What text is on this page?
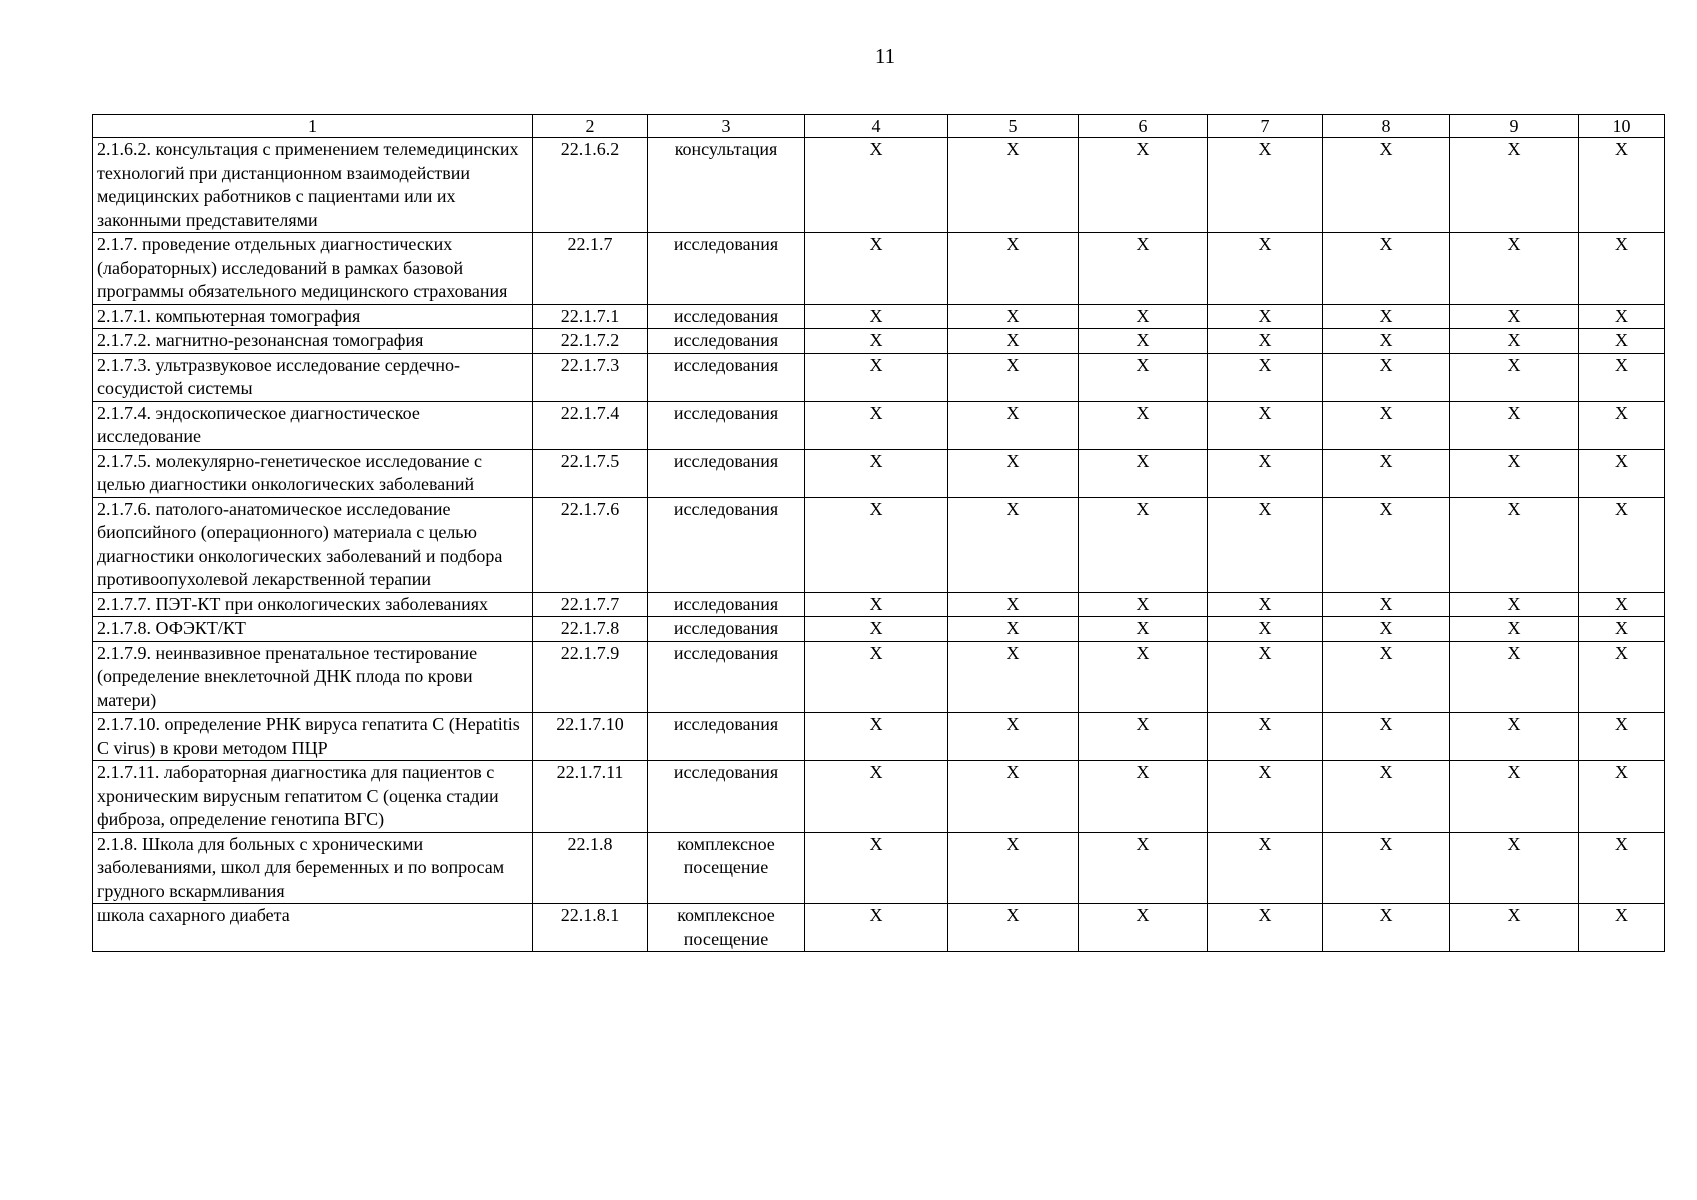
11
1	2	3	4	5	6	7	8	9	10
2.1.6.2. консультация с применением телемедицинских технологий при дистанционном взаимодействии медицинских работников с пациентами или их законными представителями	22.1.6.2	консультация	X	X	X	X	X	X	X
2.1.7. проведение отдельных диагностических (лабораторных) исследований в рамках базовой программы обязательного медицинского страхования	22.1.7	исследования	X	X	X	X	X	X	X
2.1.7.1. компьютерная томография	22.1.7.1	исследования	X	X	X	X	X	X	X
2.1.7.2. магнитно-резонансная томография	22.1.7.2	исследования	X	X	X	X	X	X	X
2.1.7.3. ультразвуковое исследование сердечно-сосудистой системы	22.1.7.3	исследования	X	X	X	X	X	X	X
2.1.7.4. эндоскопическое диагностическое исследование	22.1.7.4	исследования	X	X	X	X	X	X	X
2.1.7.5. молекулярно-генетическое исследование с целью диагностики онкологических заболеваний	22.1.7.5	исследования	X	X	X	X	X	X	X
2.1.7.6. патолого-анатомическое исследование биопсийного (операционного) материала с целью диагностики онкологических заболеваний и подбора противоопухолевой лекарственной терапии	22.1.7.6	исследования	X	X	X	X	X	X	X
2.1.7.7. ПЭТ-КТ при онкологических заболеваниях	22.1.7.7	исследования	X	X	X	X	X	X	X
2.1.7.8. ОФЭКТ/КТ	22.1.7.8	исследования	X	X	X	X	X	X	X
2.1.7.9. неинвазивное пренатальное тестирование (определение внеклеточной ДНК плода по крови матери)	22.1.7.9	исследования	X	X	X	X	X	X	X
2.1.7.10. определение РНК вируса гепатита С (Hepatitis C virus) в крови методом ПЦР	22.1.7.10	исследования	X	X	X	X	X	X	X
2.1.7.11. лабораторная диагностика для пациентов с хроническим вирусным гепатитом С (оценка стадии фиброза, определение генотипа ВГС)	22.1.7.11	исследования	X	X	X	X	X	X	X
2.1.8. Школа для больных с хроническими заболеваниями, школ для беременных и по вопросам грудного вскармливания	22.1.8	комплексное посещение	X	X	X	X	X	X	X
школа сахарного диабета	22.1.8.1	комплексное посещение	X	X	X	X	X	X	X
